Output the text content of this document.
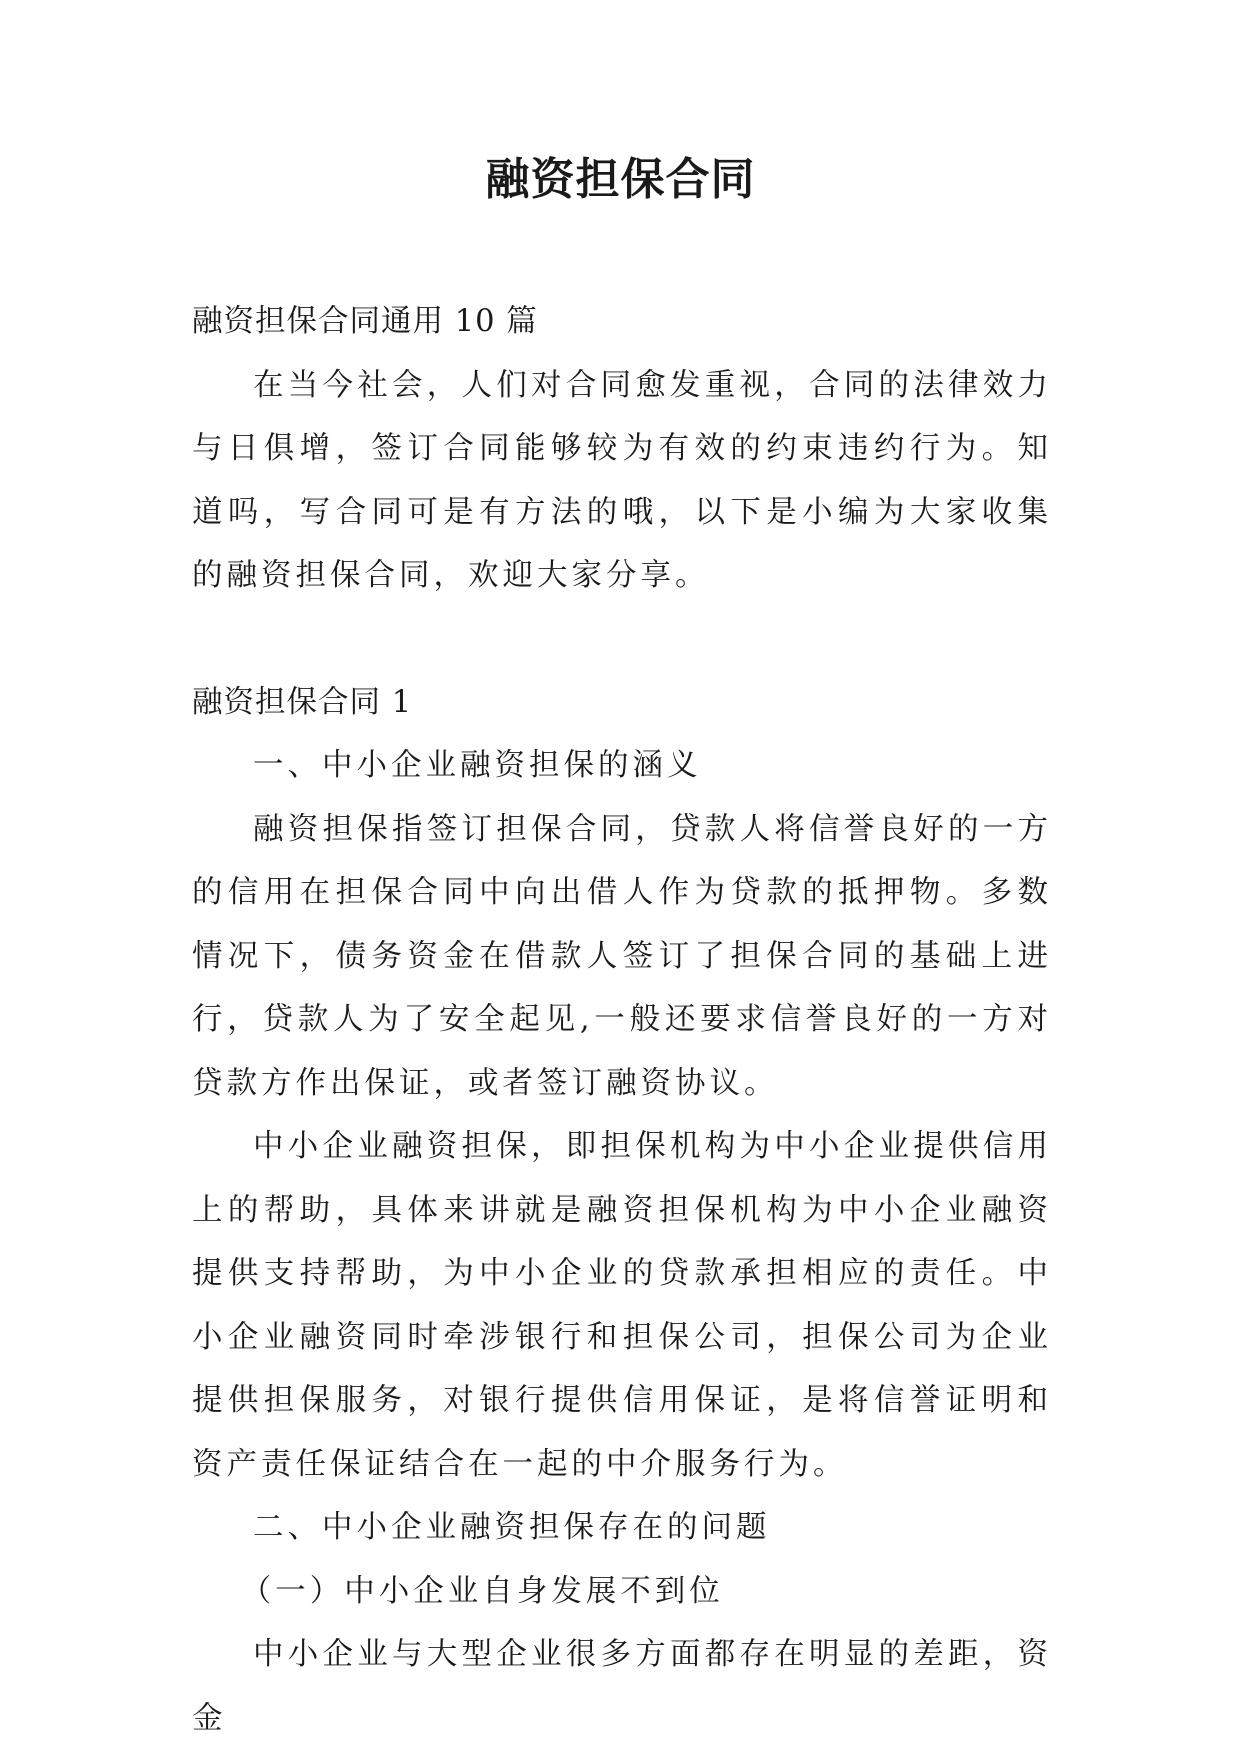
融资担保合同

融资担保合同通用 10 篇

在当今社会，人们对合同愈发重视，合同的法律效力与日俱增，签订合同能够较为有效的约束违约行为。知道吗，写合同可是有方法的哦，以下是小编为大家收集的融资担保合同，欢迎大家分享。

融资担保合同 1

一、中小企业融资担保的涵义

融资担保指签订担保合同，贷款人将信誉良好的一方的信用在担保合同中向出借人作为贷款的抵押物。多数情况下，债务资金在借款人签订了担保合同的基础上进行，贷款人为了安全起见,一般还要求信誉良好的一方对贷款方作出保证，或者签订融资协议。

中小企业融资担保，即担保机构为中小企业提供信用上的帮助，具体来讲就是融资担保机构为中小企业融资提供支持帮助，为中小企业的贷款承担相应的责任。中小企业融资同时牵涉银行和担保公司，担保公司为企业提供担保服务，对银行提供信用保证，是将信誉证明和资产责任保证结合在一起的中介服务行为。

二、中小企业融资担保存在的问题

（一）中小企业自身发展不到位

中小企业与大型企业很多方面都存在明显的差距，资金
